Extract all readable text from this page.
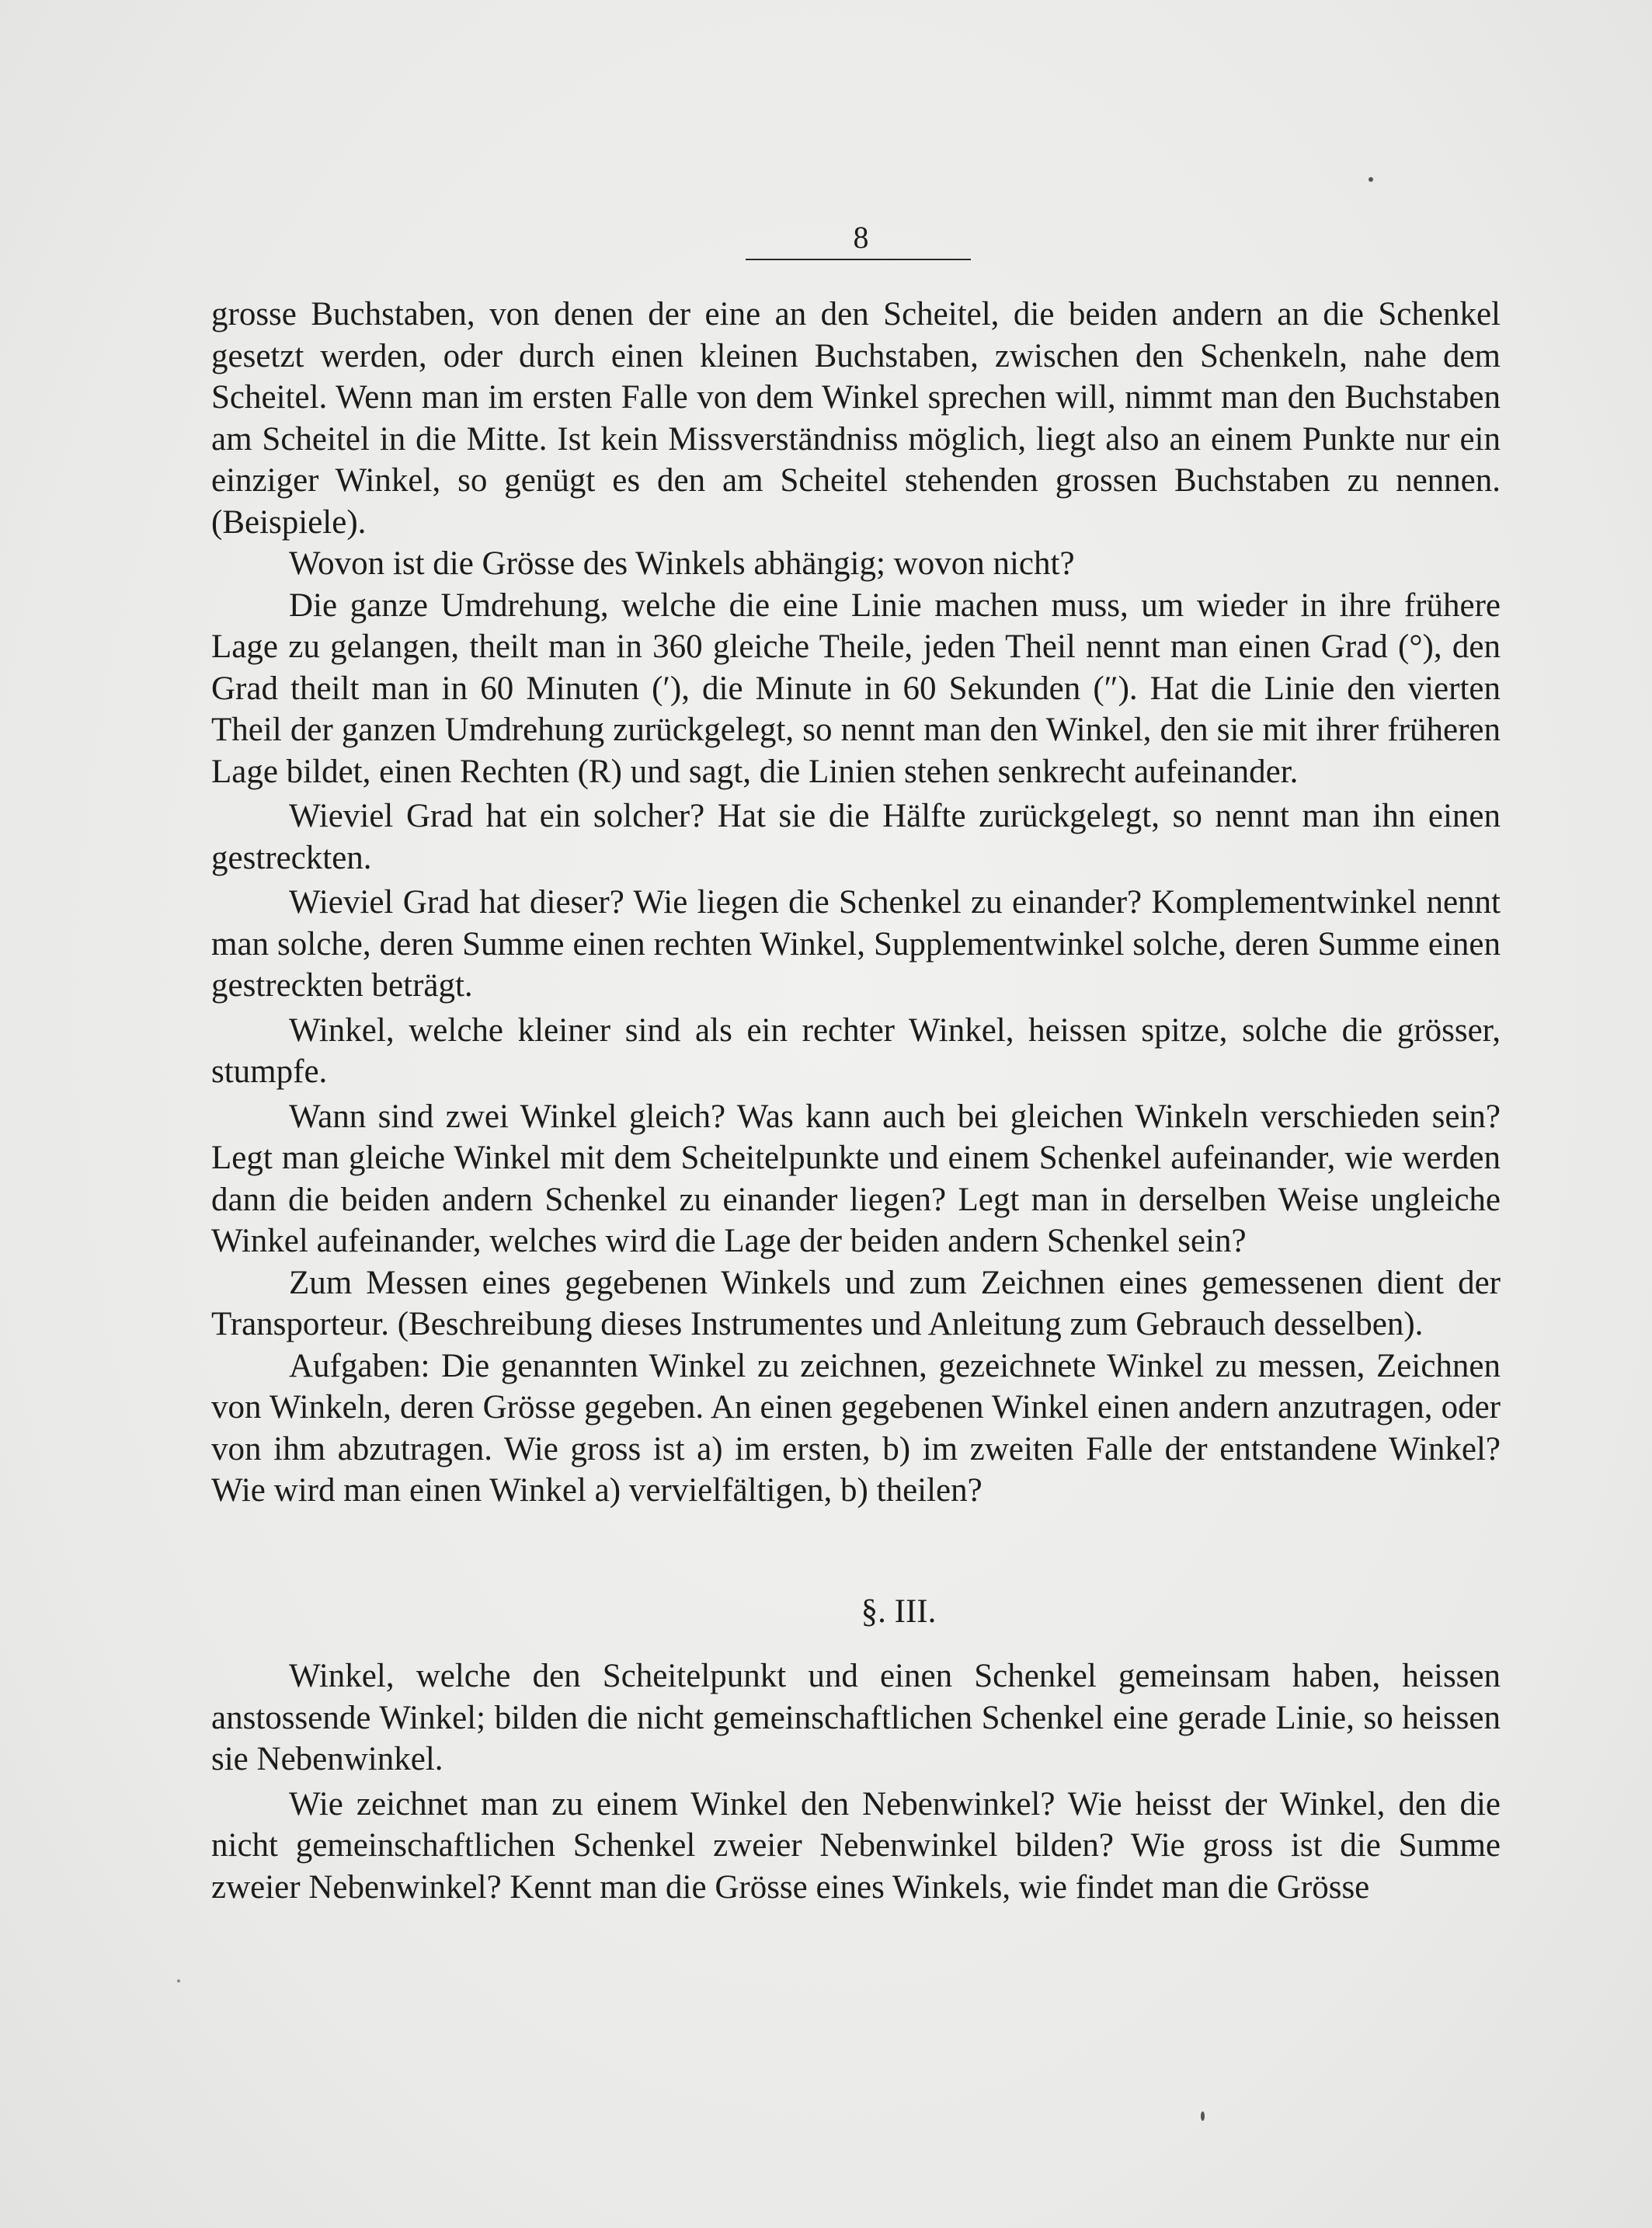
8

grosse Buchstaben, von denen der eine an den Scheitel, die beiden andern an die Schenkel gesetzt werden, oder durch einen kleinen Buchstaben, zwischen den Schenkeln, nahe dem Scheitel. Wenn man im ersten Falle von dem Winkel sprechen will, nimmt man den Buchstaben am Scheitel in die Mitte. Ist kein Missverständniss möglich, liegt also an einem Punkte nur ein einziger Winkel, so genügt es den am Scheitel stehenden grossen Buchstaben zu nennen. (Beispiele).

Wovon ist die Grösse des Winkels abhängig; wovon nicht?

Die ganze Umdrehung, welche die eine Linie machen muss, um wieder in ihre frühere Lage zu gelangen, theilt man in 360 gleiche Theile, jeden Theil nennt man einen Grad (°), den Grad theilt man in 60 Minuten (′), die Minute in 60 Sekunden (″). Hat die Linie den vierten Theil der ganzen Umdrehung zurückgelegt, so nennt man den Winkel, den sie mit ihrer früheren Lage bildet, einen Rechten (R) und sagt, die Linien stehen senkrecht aufeinander.

Wieviel Grad hat ein solcher? Hat sie die Hälfte zurückgelegt, so nennt man ihn einen gestreckten.

Wieviel Grad hat dieser? Wie liegen die Schenkel zu einander? Komplementwinkel nennt man solche, deren Summe einen rechten Winkel, Supplementwinkel solche, deren Summe einen gestreckten beträgt.

Winkel, welche kleiner sind als ein rechter Winkel, heissen spitze, solche die grösser, stumpfe.

Wann sind zwei Winkel gleich? Was kann auch bei gleichen Winkeln verschieden sein? Legt man gleiche Winkel mit dem Scheitelpunkte und einem Schenkel aufeinander, wie werden dann die beiden andern Schenkel zu einander liegen? Legt man in derselben Weise ungleiche Winkel aufeinander, welches wird die Lage der beiden andern Schenkel sein?

Zum Messen eines gegebenen Winkels und zum Zeichnen eines gemessenen dient der Transporteur. (Beschreibung dieses Instrumentes und Anleitung zum Gebrauch desselben).

Aufgaben: Die genannten Winkel zu zeichnen, gezeichnete Winkel zu messen, Zeichnen von Winkeln, deren Grösse gegeben. An einen gegebenen Winkel einen andern anzutragen, oder von ihm abzutragen. Wie gross ist a) im ersten, b) im zweiten Falle der entstandene Winkel? Wie wird man einen Winkel a) vervielfältigen, b) theilen?

§. III.

Winkel, welche den Scheitelpunkt und einen Schenkel gemeinsam haben, heissen anstossende Winkel; bilden die nicht gemeinschaftlichen Schenkel eine gerade Linie, so heissen sie Nebenwinkel.

Wie zeichnet man zu einem Winkel den Nebenwinkel? Wie heisst der Winkel, den die nicht gemeinschaftlichen Schenkel zweier Nebenwinkel bilden? Wie gross ist die Summe zweier Nebenwinkel? Kennt man die Grösse eines Winkels, wie findet man die Grösse
